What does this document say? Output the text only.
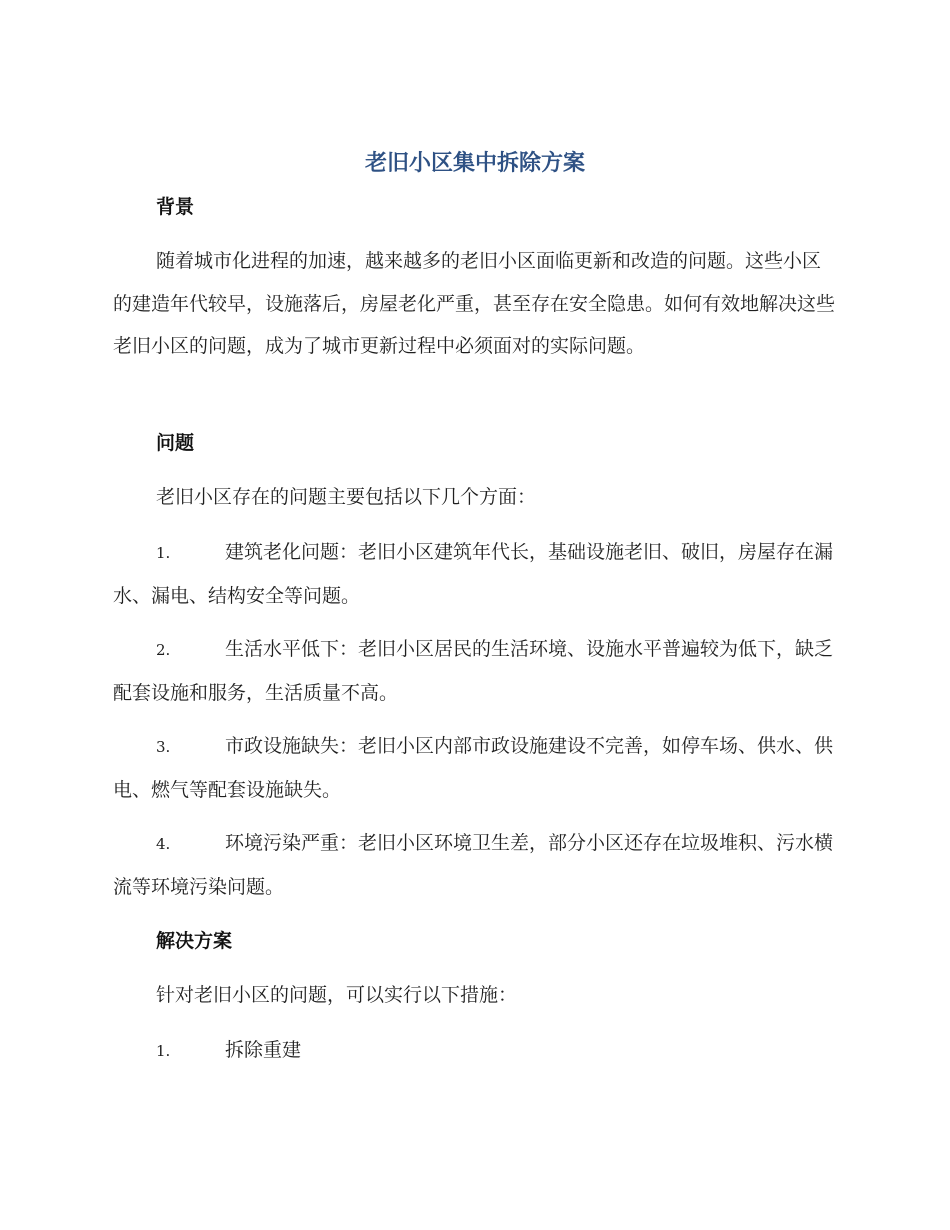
老旧小区集中拆除方案
背景

随着城市化进程的加速，越来越多的老旧小区面临更新和改造的问题。这些小区的建造年代较早，设施落后，房屋老化严重，甚至存在安全隐患。如何有效地解决这些老旧小区的问题，成为了城市更新过程中必须面对的实际问题。

问题

老旧小区存在的问题主要包括以下几个方面：

1.	建筑老化问题：老旧小区建筑年代长，基础设施老旧、破旧，房屋存在漏水、漏电、结构安全等问题。

2.	生活水平低下：老旧小区居民的生活环境、设施水平普遍较为低下，缺乏配套设施和服务，生活质量不高。

3.	市政设施缺失：老旧小区内部市政设施建设不完善，如停车场、供水、供电、燃气等配套设施缺失。

4.	环境污染严重：老旧小区环境卫生差，部分小区还存在垃圾堆积、污水横流等环境污染问题。

解决方案

针对老旧小区的问题，可以实行以下措施：

1.	拆除重建
